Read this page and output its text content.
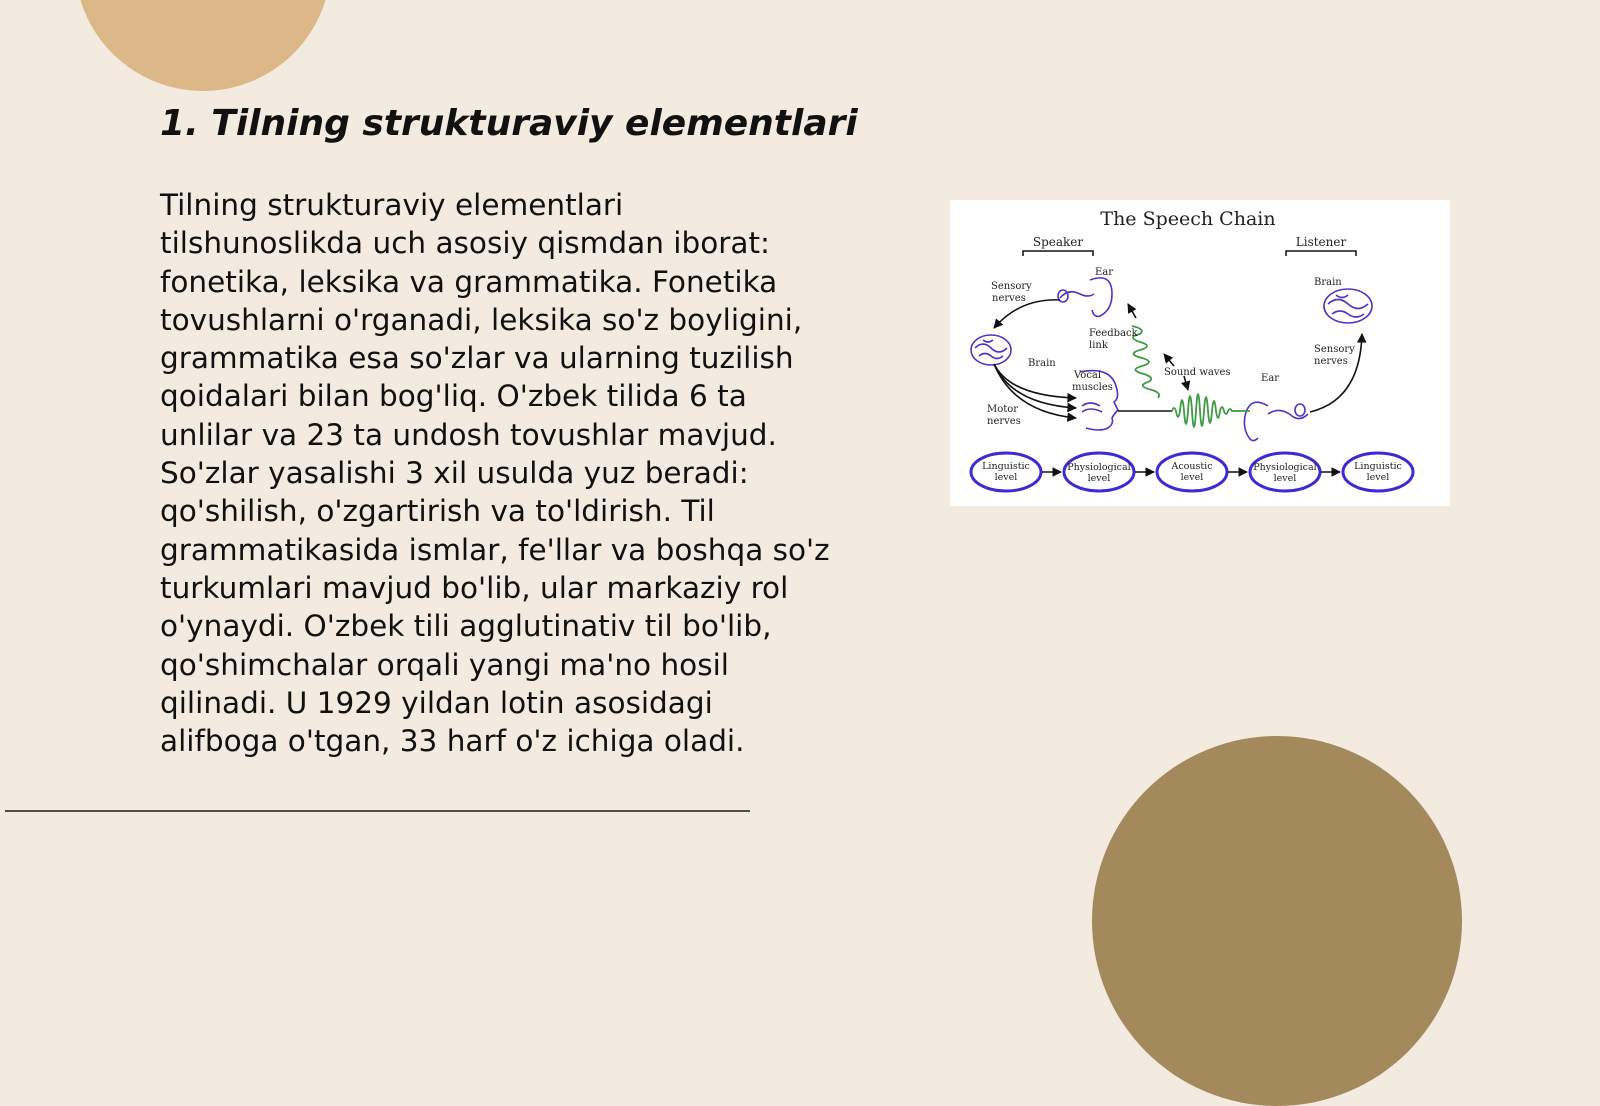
1. Tilning strukturaviy elementlari

Tilning strukturaviy elementlari
tilshunoslikda uch asosiy qismdan iborat:
fonetika, leksika va grammatika. Fonetika
tovushlarni o'rganadi, leksika so'z boyligini,
grammatika esa so'zlar va ularning tuzilish
qoidalari bilan bog'liq. O'zbek tilida 6 ta
unlilar va 23 ta undosh tovushlar mavjud.
So'zlar yasalishi 3 xil usulda yuz beradi:
qo'shilish, o'zgartirish va to'ldirish. Til
grammatikasida ismlar, fe'llar va boshqa so'z
turkumlari mavjud bo'lib, ular markaziy rol
o'ynaydi. O'zbek tili agglutinativ til bo'lib,
qo'shimchalar orqali yangi ma'no hosil
qilinadi. U 1929 yildan lotin asosidagi
alifboga o'tgan, 33 harf o'z ichiga oladi.

The Speech Chain
Speaker	Listener
Ear
Sensory
nerves
Feedback
link
Brain
Vocal
muscles
Motor
nerves
Sound waves
Ear
Brain
Sensory
nerves
Linguistic
level
Physiological
level
Acoustic
level
Physiological
level
Linguistic
level
